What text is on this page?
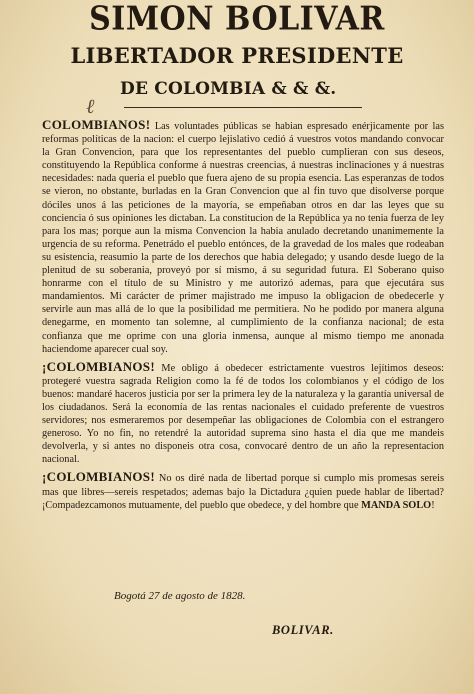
SIMON BOLIVAR
LIBERTADOR PRESIDENTE
DE COLOMBIA & & &.
ℓ

COLOMBIANOS! Las voluntades públicas se habian espresado enérjicamente por las reformas políticas de la nacion: el cuerpo lejislativo cedió á vuestros votos mandando convocar la Gran Convencion, para que los representantes del pueblo cumplieran con sus deseos, constituyendo la República conforme á nuestras creencias, á nuestras inclinaciones y á nuestras necesidades: nada queria el pueblo que fuera ajeno de su propia esencia. Las esperanzas de todos se vieron, no obstante, burladas en la Gran Convencion que al fin tuvo que disolverse porque dóciles unos á las peticiones de la mayoría, se empeñaban otros en dar las leyes que su conciencia ó sus opiniones les dictaban. La constitucion de la República ya no tenia fuerza de ley para los mas; porque aun la misma Convencion la habia anulado decretando unanimemente la urgencia de su reforma. Penetrádo el pueblo entónces, de la gravedad de los males que rodeaban su esistencia, reasumio la parte de los derechos que habia delegado; y usando desde luego de la plenitud de su soberania, proveyó por sí mismo, á su seguridad futura. El Soberano quiso honrarme con el título de su Ministro y me autorizó ademas, para que ejecutára sus mandamientos. Mi carácter de primer majistrado me impuso la obligacion de obedecerle y servirle aun mas allá de lo que la posibilidad me permitiera. No he podido por manera alguna denegarme, en momento tan solemne, al cumplimiento de la confianza nacional; de esta confianza que me oprime con una gloria inmensa, aunque al mismo tiempo me anonada haciendome aparecer cual soy.

¡COLOMBIANOS! Me obligo á obedecer estrictamente vuestros lejítimos deseos: protegeré vuestra sagrada Religion como la fé de todos los colombianos y el código de los buenos: mandaré haceros justicia por ser la primera ley de la naturaleza y la garantía universal de los ciudadanos. Será la economía de las rentas nacionales el cuidado preferente de vuestros servidores; nos esmeraremos por desempeñar las obligaciones de Colombia con el estrangero generoso. Yo no fin, no retendré la autoridad suprema sino hasta el dia que me mandeis devolverla, y si antes no disponeis otra cosa, convocaré dentro de un año la representacion nacional.

¡COLOMBIANOS! No os diré nada de libertad porque si cumplo mis promesas sereis mas que libres—sereis respetados; ademas bajo la Dictadura ¿quien puede hablar de libertad? ¡Compadezcamonos mutuamente, del pueblo que obedece, y del hombre que MANDA SOLO!

Bogotá 27 de agosto de 1828.
BOLIVAR.
